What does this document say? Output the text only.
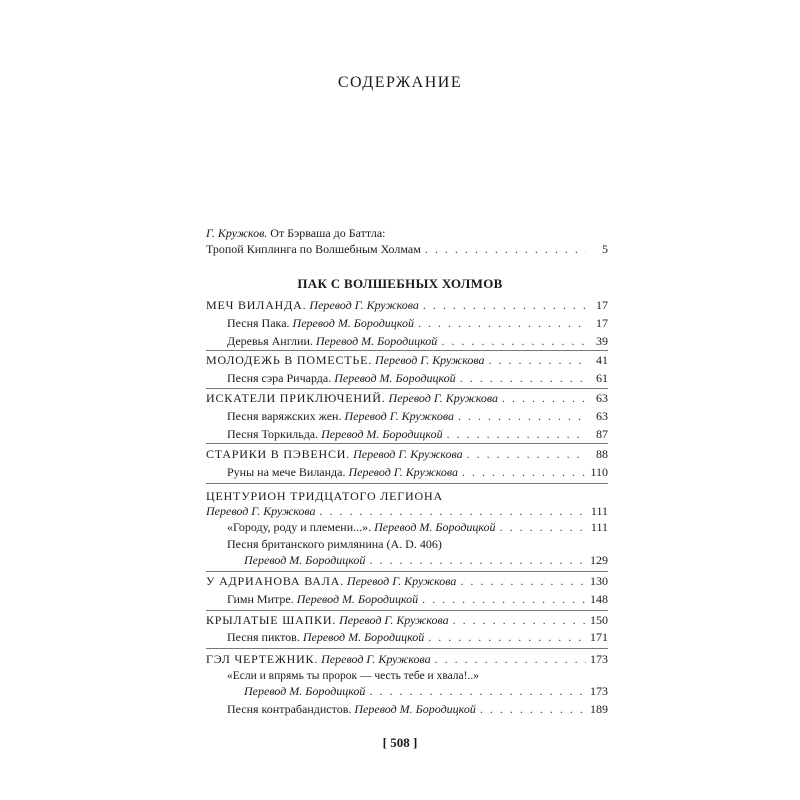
СОДЕРЖАНИЕ
Г. Кружков. От Бэрваша до Баттла:
Тропой Киплинга по Волшебным Холмам . . .	5
ПАК С ВОЛШЕБНЫХ ХОЛМОВ
МЕЧ ВИЛАНДА. Перевод Г. Кружкова . . .	17
Песня Пака. Перевод М. Бородицкой . . .	17
Деревья Англии. Перевод М. Бородицкой . . .	39
МОЛОДЕЖЬ В ПОМЕСТЬЕ. Перевод Г. Кружкова . . .	41
Песня сэра Ричарда. Перевод М. Бородицкой . . .	61
ИСКАТЕЛИ ПРИКЛЮЧЕНИЙ. Перевод Г. Кружкова . . .	63
Песня варяжских жен. Перевод Г. Кружкова . . .	63
Песня Торкильда. Перевод М. Бородицкой . . .	87
СТАРИКИ В ПЭВЕНСИ. Перевод Г. Кружкова . . .	88
Руны на мече Виланда. Перевод Г. Кружкова . . .	110
ЦЕНТУРИОН ТРИДЦАТОГО ЛЕГИОНА
Перевод Г. Кружкова . . .	111
«Городу, роду и племени...». Перевод М. Бородицкой . . .	111
Песня британского римлянина (A. D. 406)
Перевод М. Бородицкой . . .	129
У АДРИАНОВА ВАЛА. Перевод Г. Кружкова . . .	130
Гимн Митре. Перевод М. Бородицкой . . .	148
КРЫЛАТЫЕ ШАПКИ. Перевод Г. Кружкова . . .	150
Песня пиктов. Перевод М. Бородицкой . . .	171
ГЭЛ ЧЕРТЕЖНИК. Перевод Г. Кружкова . . .	173
«Если и впрямь ты пророк — честь тебе и хвала!..»
Перевод М. Бородицкой . . .	173
Песня контрабандистов. Перевод М. Бородицкой . . .	189
[ 508 ]
